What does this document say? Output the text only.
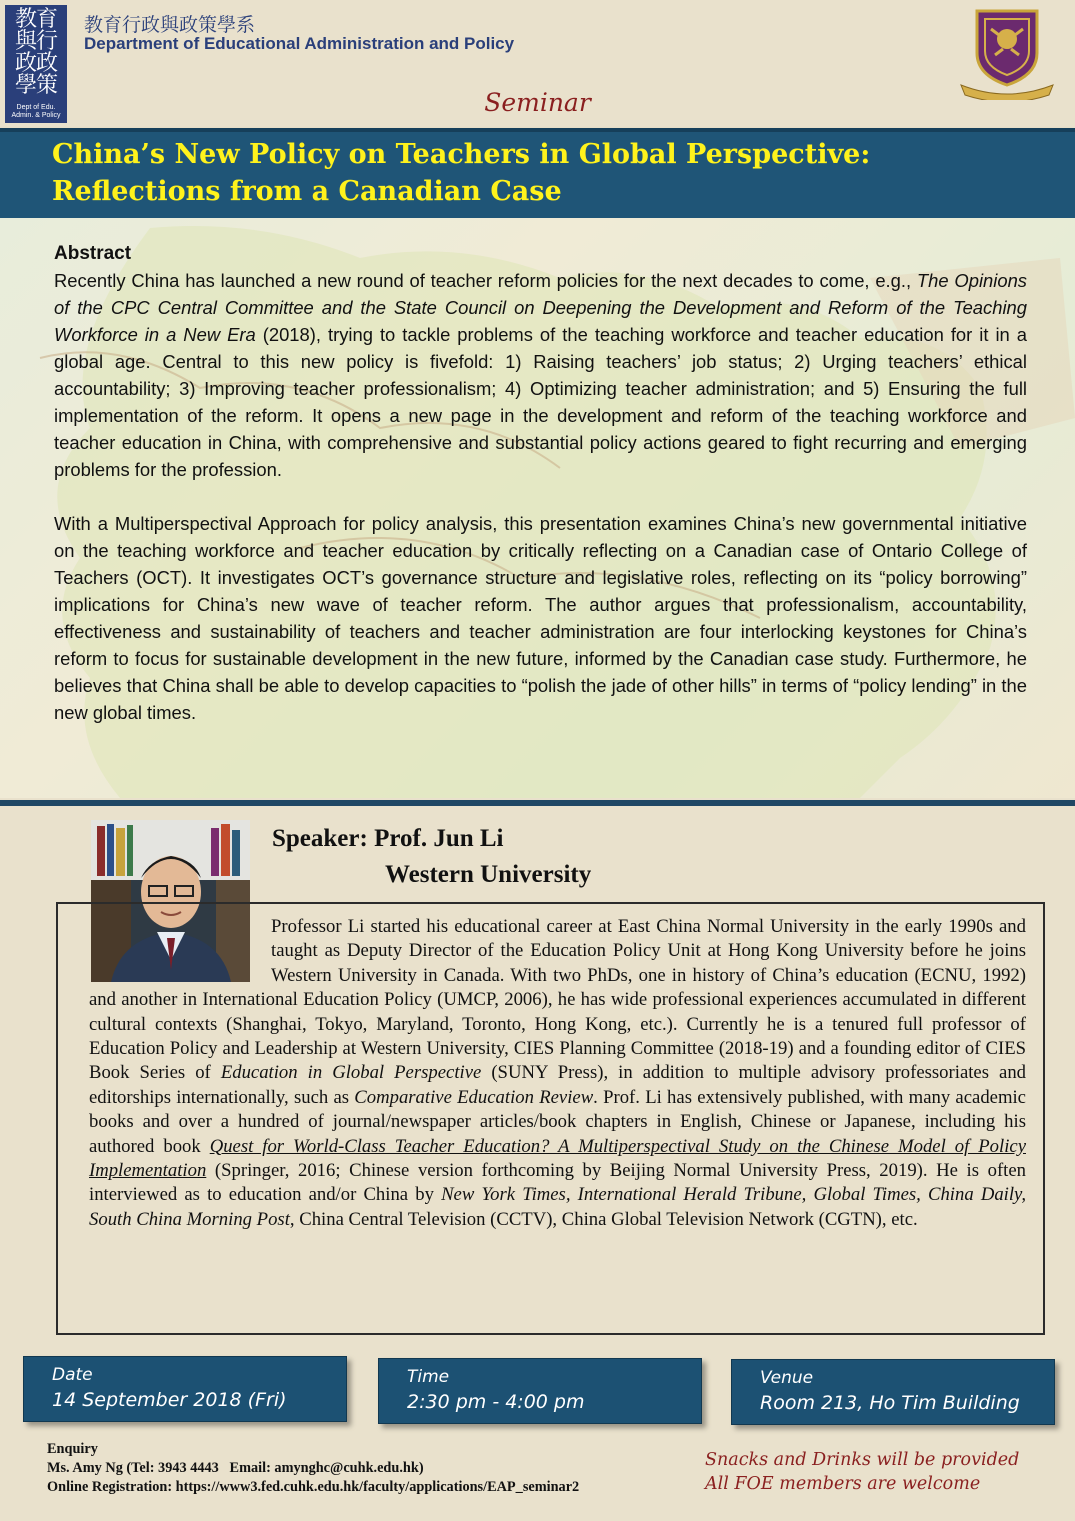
教育
與行
政政
學策
Dept of Edu. Admin. & Policy
教育行政與政策學系
Department of Educational Administration and Policy
Seminar
China’s New Policy on Teachers in Global Perspective:
Reflections from a Canadian Case
Abstract

Recently China has launched a new round of teacher reform policies for the next decades to come, e.g., The Opinions of the CPC Central Committee and the State Council on Deepening the Development and Reform of the Teaching Workforce in a New Era (2018), trying to tackle problems of the teaching workforce and teacher education for it in a global age. Central to this new policy is fivefold: 1) Raising teachers’ job status; 2) Urging teachers’ ethical accountability; 3) Improving teacher professionalism; 4) Optimizing teacher administration; and 5) Ensuring the full implementation of the reform. It opens a new page in the development and reform of the teaching workforce and teacher education in China, with comprehensive and substantial policy actions geared to fight recurring and emerging problems for the profession.

With a Multiperspectival Approach for policy analysis, this presentation examines China’s new governmental initiative on the teaching workforce and teacher education by critically reflecting on a Canadian case of Ontario College of Teachers (OCT). It investigates OCT’s governance structure and legislative roles, reflecting on its “policy borrowing” implications for China’s new wave of teacher reform. The author argues that professionalism, accountability, effectiveness and sustainability of teachers and teacher administration are four interlocking keystones for China’s reform to focus for sustainable development in the new future, informed by the Canadian case study. Furthermore, he believes that China shall be able to develop capacities to “polish the jade of other hills” in terms of “policy lending” in the new global times.

Speaker: Prof. Jun Li
Western University
Professor Li started his educational career at East China Normal University in the early 1990s and taught as Deputy Director of the Education Policy Unit at Hong Kong University before he joins Western University in Canada. With two PhDs, one in history of China’s education (ECNU, 1992) and another in International Education Policy (UMCP, 2006), he has wide professional experiences accumulated in different cultural contexts (Shanghai, Tokyo, Maryland, Toronto, Hong Kong, etc.). Currently he is a tenured full professor of Education Policy and Leadership at Western University, CIES Planning Committee (2018-19) and a founding editor of CIES Book Series of Education in Global Perspective (SUNY Press), in addition to multiple advisory professoriates and editorships internationally, such as Comparative Education Review. Prof. Li has extensively published, with many academic books and over a hundred of journal/newspaper articles/book chapters in English, Chinese or Japanese, including his authored book Quest for World-Class Teacher Education? A Multiperspectival Study on the Chinese Model of Policy Implementation (Springer, 2016; Chinese version forthcoming by Beijing Normal University Press, 2019). He is often interviewed as to education and/or China by New York Times, International Herald Tribune, Global Times, China Daily, South China Morning Post, China Central Television (CCTV), China Global Television Network (CGTN), etc.
Date
14 September 2018 (Fri)
Time
2:30 pm - 4:00 pm
Venue
Room 213, Ho Tim Building
Enquiry
Ms. Amy Ng (Tel: 3943 4443   Email: amynghc@cuhk.edu.hk)
Online Registration: https://www3.fed.cuhk.edu.hk/faculty/applications/EAP_seminar2
Snacks and Drinks will be provided
All FOE members are welcome
